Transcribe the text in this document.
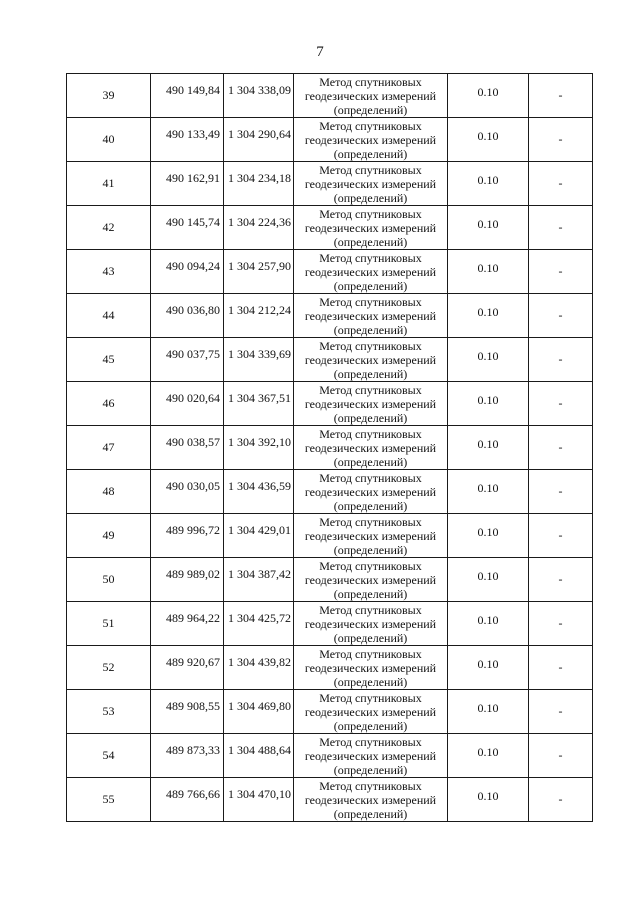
7
39	490 149,84	1 304 338,09	Метод спутниковых
геодезических измерений
(определений)	0.10	-
40	490 133,49	1 304 290,64	Метод спутниковых
геодезических измерений
(определений)	0.10	-
41	490 162,91	1 304 234,18	Метод спутниковых
геодезических измерений
(определений)	0.10	-
42	490 145,74	1 304 224,36	Метод спутниковых
геодезических измерений
(определений)	0.10	-
43	490 094,24	1 304 257,90	Метод спутниковых
геодезических измерений
(определений)	0.10	-
44	490 036,80	1 304 212,24	Метод спутниковых
геодезических измерений
(определений)	0.10	-
45	490 037,75	1 304 339,69	Метод спутниковых
геодезических измерений
(определений)	0.10	-
46	490 020,64	1 304 367,51	Метод спутниковых
геодезических измерений
(определений)	0.10	-
47	490 038,57	1 304 392,10	Метод спутниковых
геодезических измерений
(определений)	0.10	-
48	490 030,05	1 304 436,59	Метод спутниковых
геодезических измерений
(определений)	0.10	-
49	489 996,72	1 304 429,01	Метод спутниковых
геодезических измерений
(определений)	0.10	-
50	489 989,02	1 304 387,42	Метод спутниковых
геодезических измерений
(определений)	0.10	-
51	489 964,22	1 304 425,72	Метод спутниковых
геодезических измерений
(определений)	0.10	-
52	489 920,67	1 304 439,82	Метод спутниковых
геодезических измерений
(определений)	0.10	-
53	489 908,55	1 304 469,80	Метод спутниковых
геодезических измерений
(определений)	0.10	-
54	489 873,33	1 304 488,64	Метод спутниковых
геодезических измерений
(определений)	0.10	-
55	489 766,66	1 304 470,10	Метод спутниковых
геодезических измерений
(определений)	0.10	-
